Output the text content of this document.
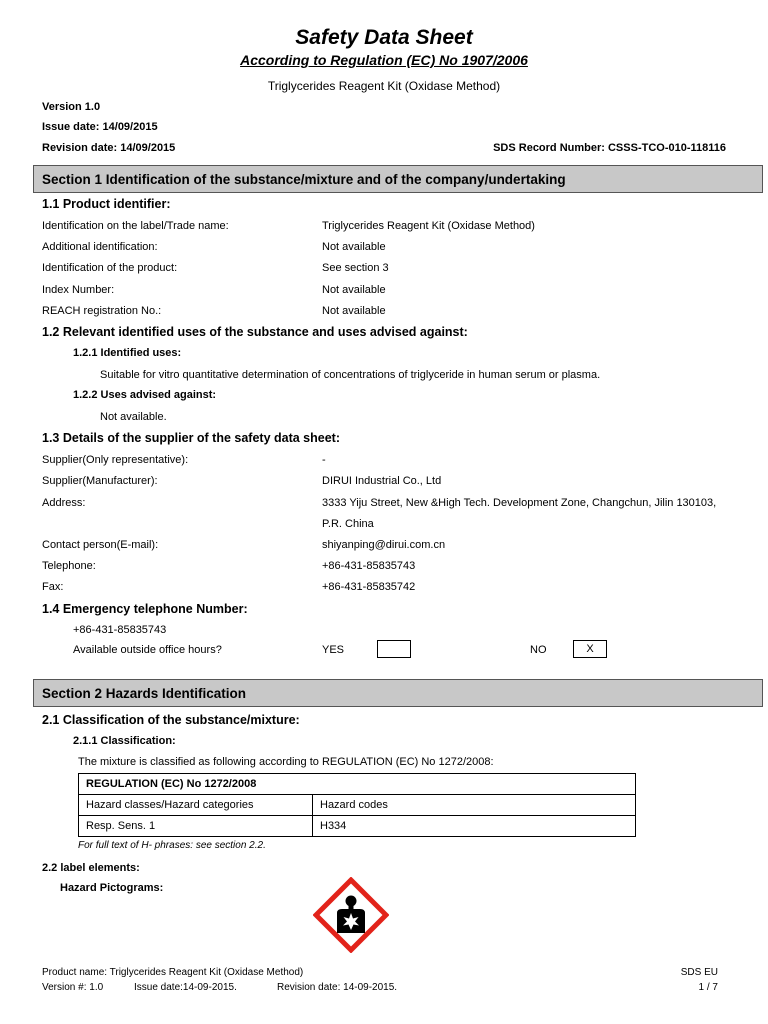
Safety Data Sheet
According to Regulation (EC) No 1907/2006
Triglycerides Reagent Kit (Oxidase Method)
Version 1.0
Issue date: 14/09/2015
Revision date: 14/09/2015	SDS Record Number: CSSS-TCO-010-118116
Section 1 Identification of the substance/mixture and of the company/undertaking
1.1 Product identifier:
Identification on the label/Trade name:	Triglycerides Reagent Kit (Oxidase Method)
Additional identification:	Not available
Identification of the product:	See section 3
Index Number:	Not available
REACH registration No.:	Not available
1.2 Relevant identified uses of the substance and uses advised against:
1.2.1 Identified uses:
Suitable for vitro quantitative determination of concentrations of triglyceride in human serum or plasma.
1.2.2 Uses advised against:
Not available.
1.3 Details of the supplier of the safety data sheet:
Supplier(Only representative):	-
Supplier(Manufacturer):	DIRUI Industrial Co., Ltd
Address:	3333 Yiju Street, New &High Tech. Development Zone, Changchun, Jilin 130103,
P.R. China
Contact person(E-mail):	shiyanping@dirui.com.cn
Telephone:	+86-431-85835743
Fax:	+86-431-85835742
1.4 Emergency telephone Number:
+86-431-85835743
Available outside office hours?	YES	NO	X
Section 2 Hazards Identification
2.1 Classification of the substance/mixture:
2.1.1 Classification:
The mixture is classified as following according to REGULATION (EC) No 1272/2008:
REGULATION (EC) No 1272/2008	
Hazard classes/Hazard categories	Hazard codes
Resp. Sens. 1	H334
For full text of H- phrases: see section 2.2.
2.2 label elements:
Hazard Pictograms:
Product name: Triglycerides Reagent Kit (Oxidase Method)
Version #: 1.0	Issue date:14-09-2015.	Revision date: 14-09-2015.
SDS EU
1 / 7
